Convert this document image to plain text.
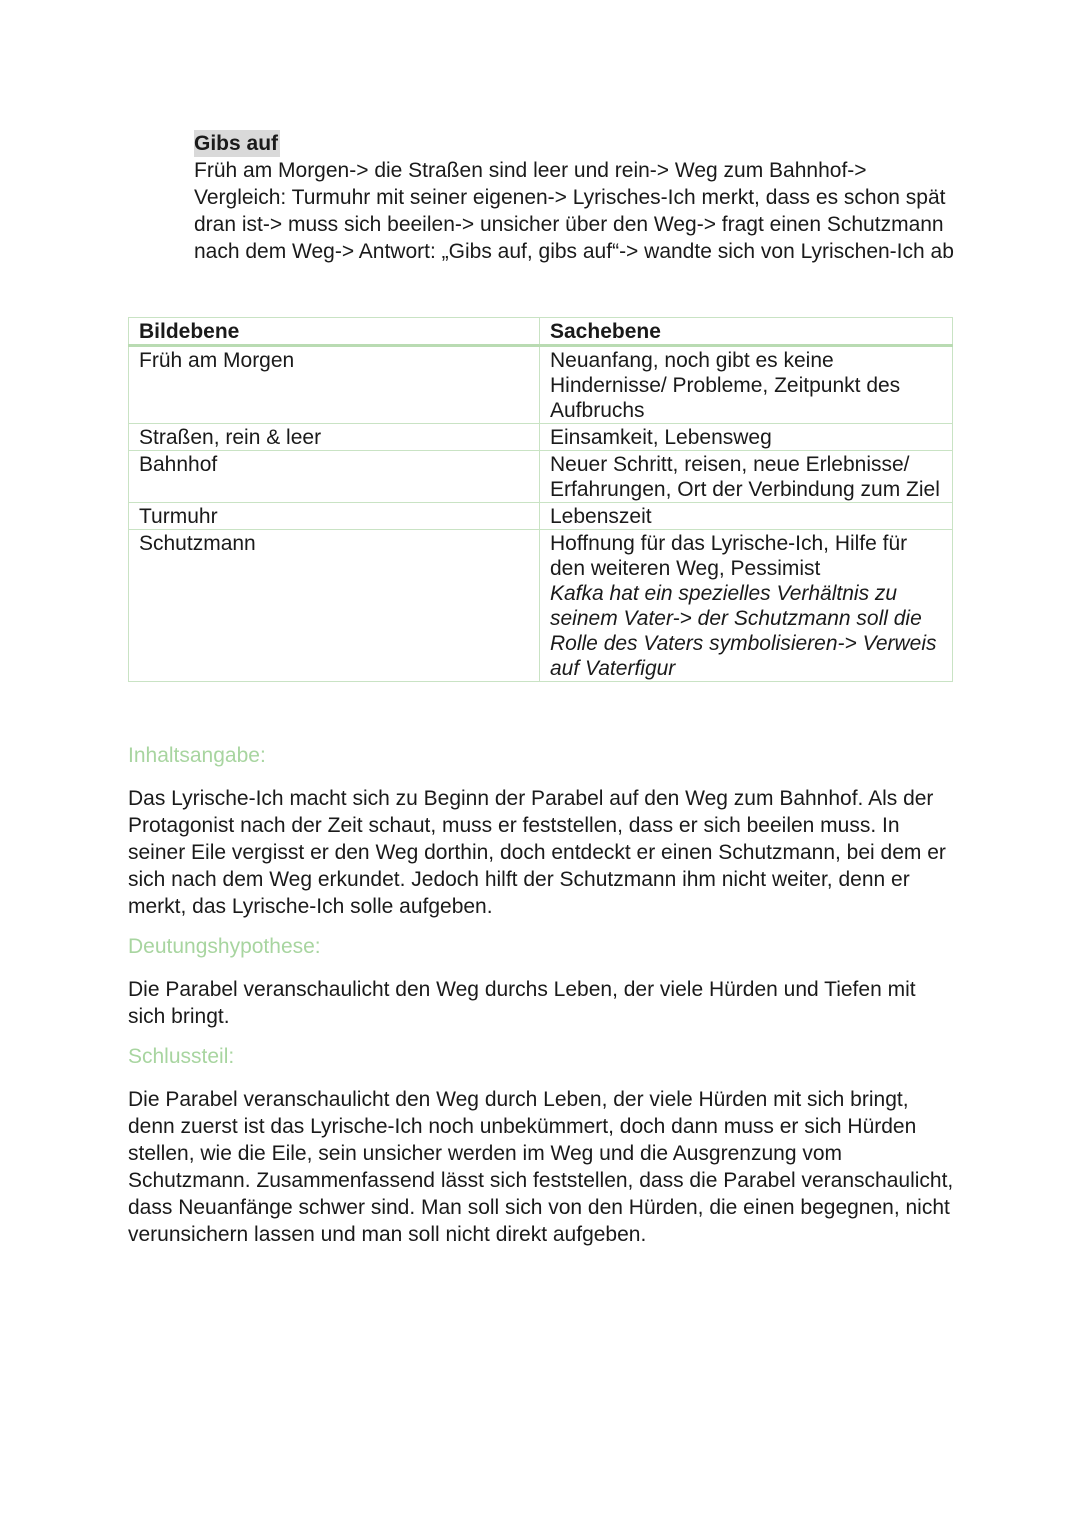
Gibs auf

Früh am Morgen-> die Straßen sind leer und rein-> Weg zum Bahnhof-> Vergleich: Turmuhr mit seiner eigenen-> Lyrisches-Ich merkt, dass es schon spät dran ist-> muss sich beeilen-> unsicher über den Weg-> fragt einen Schutzmann nach dem Weg-> Antwort: „Gibs auf, gibs auf“-> wandte sich von Lyrischen-Ich ab

Bildebene	Sachebene
Früh am Morgen	Neuanfang, noch gibt es keine Hindernisse/ Probleme, Zeitpunkt des Aufbruchs
Straßen, rein & leer	Einsamkeit, Lebensweg
Bahnhof	Neuer Schritt, reisen, neue Erlebnisse/ Erfahrungen, Ort der Verbindung zum Ziel
Turmuhr	Lebenszeit
Schutzmann	Hoffnung für das Lyrische-Ich, Hilfe für den weiteren Weg, Pessimist
Kafka hat ein spezielles Verhältnis zu seinem Vater-> der Schutzmann soll die Rolle des Vaters symbolisieren-> Verweis auf Vaterfigur
Inhaltsangabe:

Das Lyrische-Ich macht sich zu Beginn der Parabel auf den Weg zum Bahnhof. Als der Protagonist nach der Zeit schaut, muss er feststellen, dass er sich beeilen muss. In seiner Eile vergisst er den Weg dorthin, doch entdeckt er einen Schutzmann, bei dem er sich nach dem Weg erkundet. Jedoch hilft der Schutzmann ihm nicht weiter, denn er merkt, das Lyrische-Ich solle aufgeben.

Deutungshypothese:

Die Parabel veranschaulicht den Weg durchs Leben, der viele Hürden und Tiefen mit sich bringt.

Schlussteil:

Die Parabel veranschaulicht den Weg durch Leben, der viele Hürden mit sich bringt, denn zuerst ist das Lyrische-Ich noch unbekümmert, doch dann muss er sich Hürden stellen, wie die Eile, sein unsicher werden im Weg und die Ausgrenzung vom Schutzmann. Zusammenfassend lässt sich feststellen, dass die Parabel veranschaulicht, dass Neuanfänge schwer sind. Man soll sich von den Hürden, die einen begegnen, nicht verunsichern lassen und man soll nicht direkt aufgeben.
